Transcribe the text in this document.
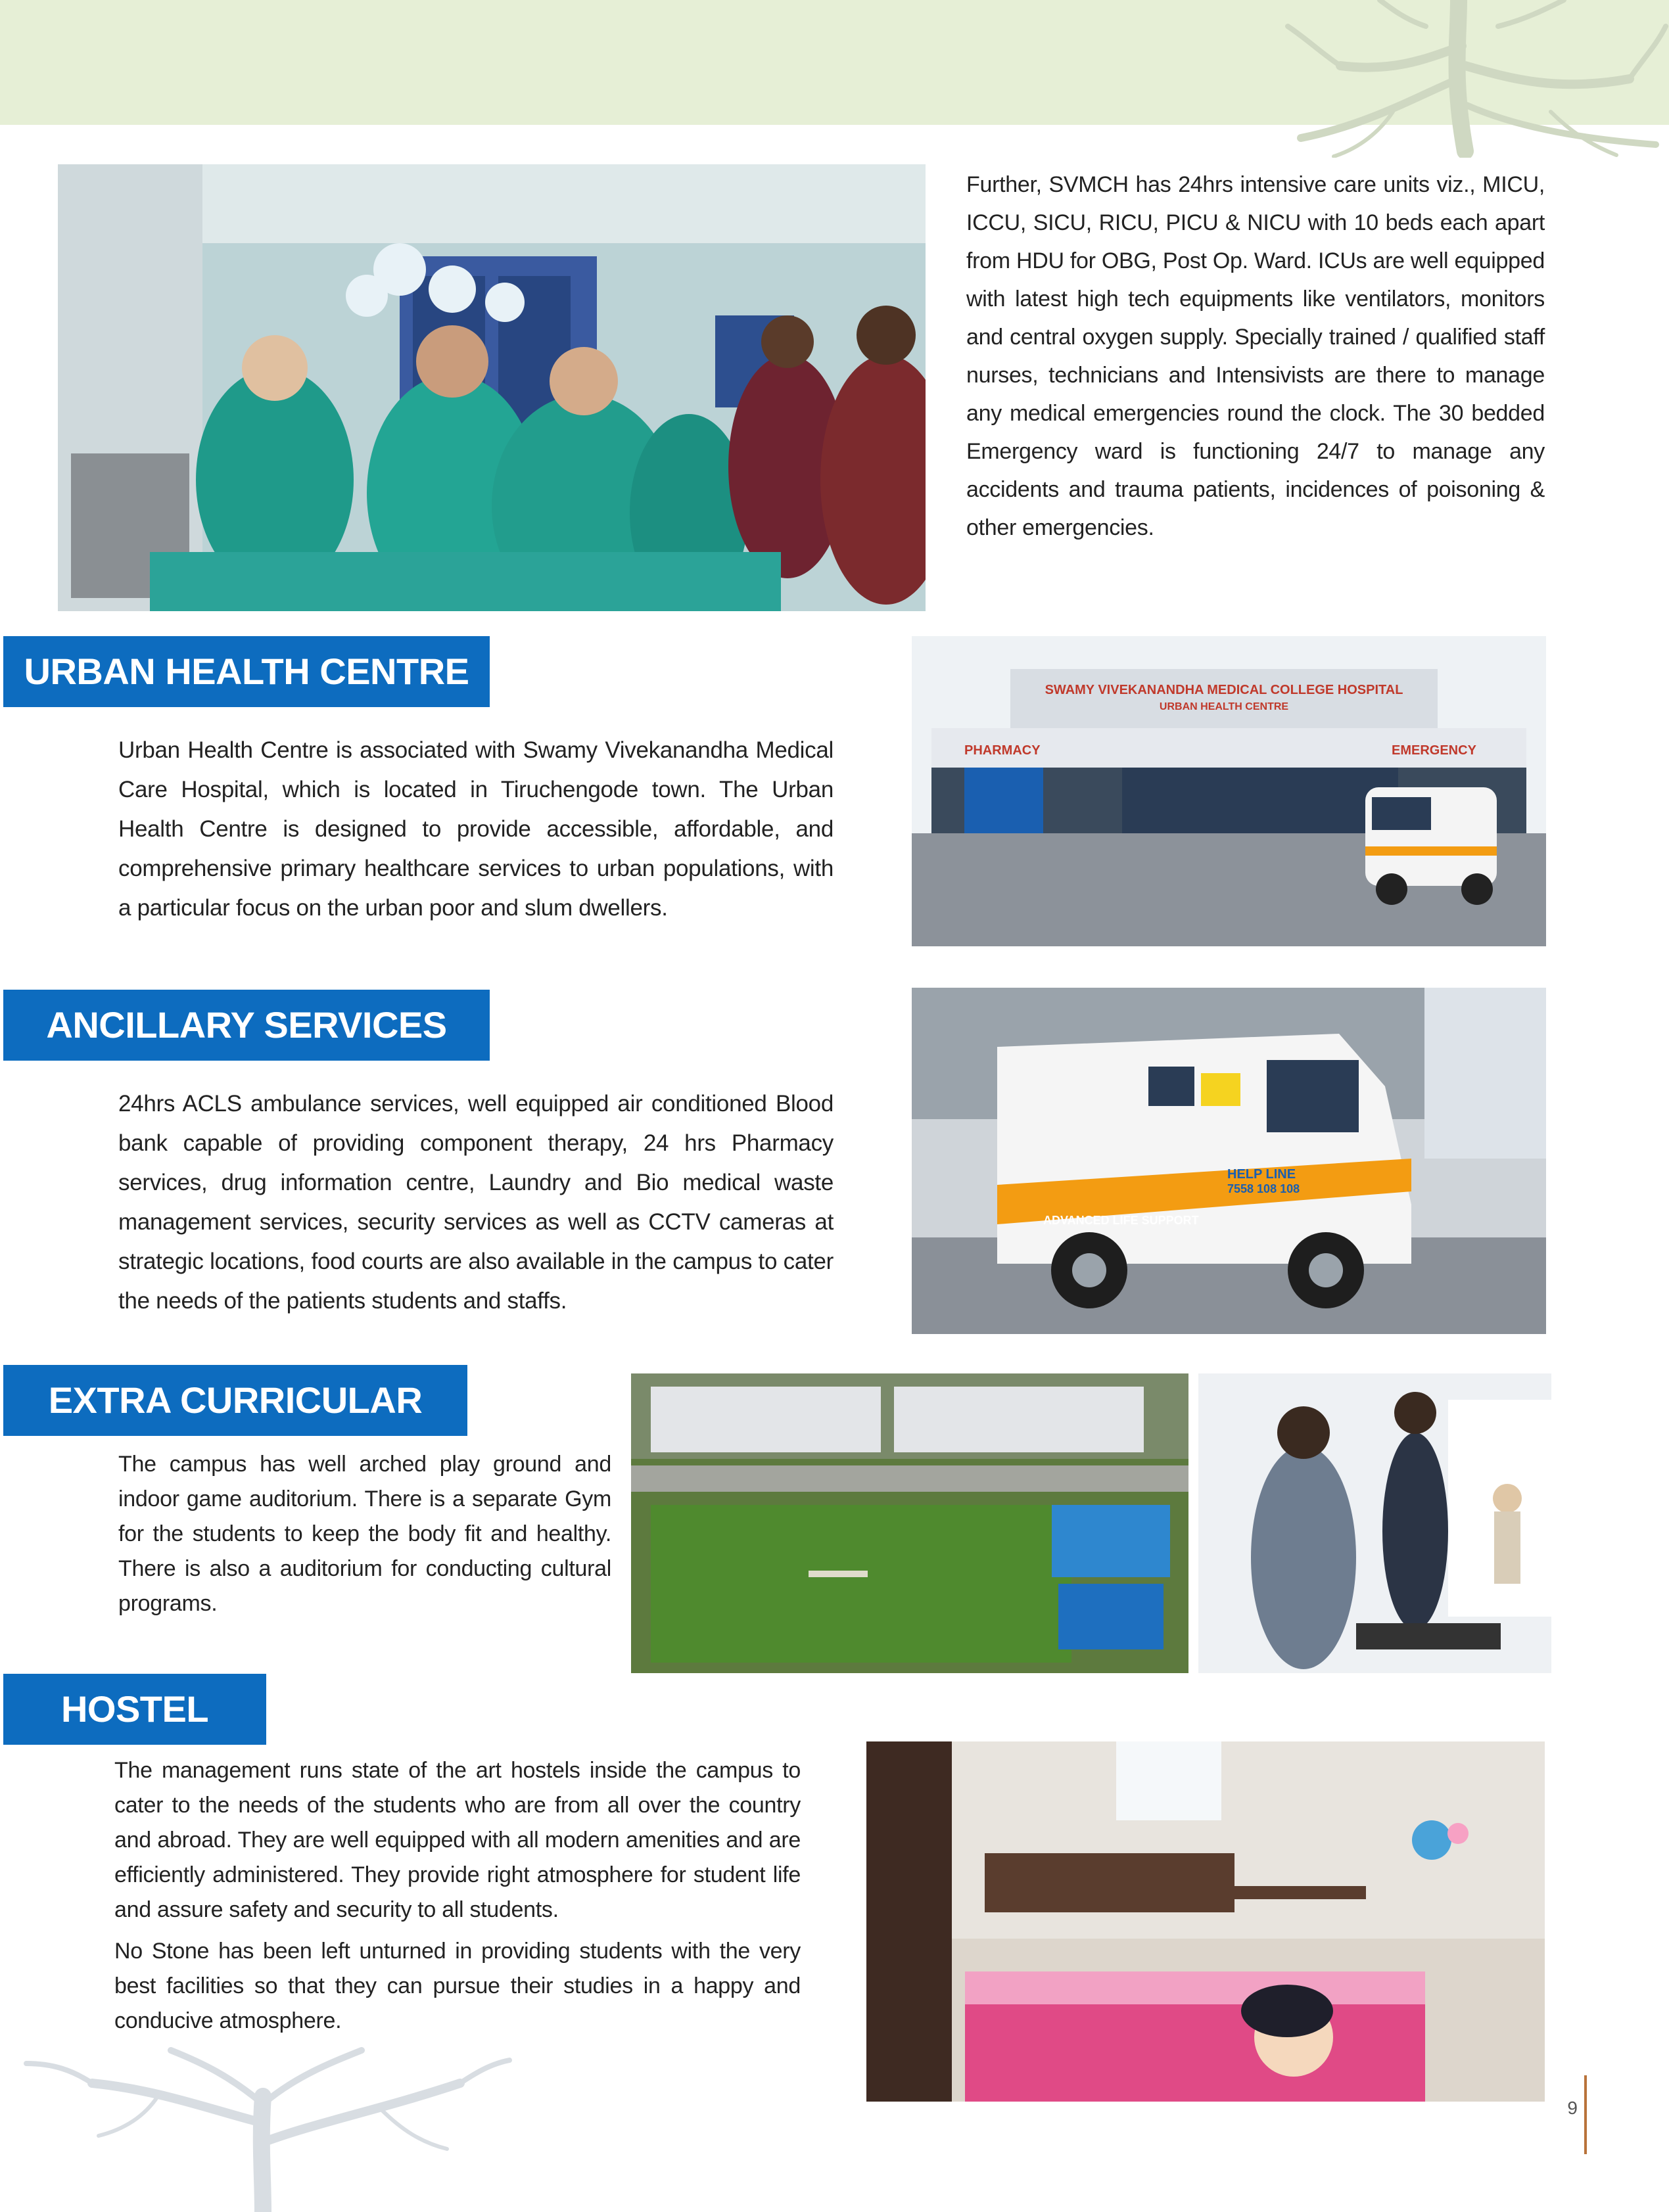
Further, SVMCH has 24hrs intensive care units viz., MICU, ICCU, SICU, RICU, PICU & NICU with 10 beds each apart from HDU for OBG, Post Op. Ward. ICUs are well equipped with latest high tech equipments like ventilators, monitors and central oxygen supply. Specially trained / qualified staff nurses, technicians and Intensivists are there to manage any medical emergencies round the clock. The 30 bedded Emergency ward is functioning 24/7 to manage any accidents and trauma patients, incidences of poisoning & other emergencies.

URBAN HEALTH CENTRE

Urban Health Centre is associated with Swamy Vivekanandha Medical Care Hospital, which is located in Tiruchengode town. The Urban Health Centre is designed to provide accessible, affordable, and comprehensive primary healthcare services to urban populations, with a particular focus on the urban poor and slum dwellers.

SWAMY VIVEKANANDHA MEDICAL COLLEGE HOSPITAL
URBAN HEALTH CENTRE
PHARMACY	EMERGENCY
ANCILLARY SERVICES

24hrs ACLS ambulance services, well equipped air conditioned Blood bank capable of providing component therapy, 24 hrs Pharmacy services, drug information centre, Laundry and Bio medical waste management services, security services as well as CCTV cameras at strategic locations, food courts are also available in the campus to cater the needs of the patients students and staffs.

HELP LINE
7558 108 108
ADVANCED LIFE SUPPORT
EXTRA CURRICULAR

The campus has well arched play ground and indoor game auditorium. There is a separate Gym for the students to keep the body fit and healthy. There is also a auditorium for conducting cultural programs.

HOSTEL

The management runs state of the art hostels inside the campus to cater to the needs of the students who are from all over the country and abroad. They are well equipped with all modern amenities and are efficiently administered. They provide right atmosphere for student life and assure safety and security to all students.

No Stone has been left unturned in providing students with the very best facilities so that they can pursue their studies in a happy and conducive atmosphere.

9
